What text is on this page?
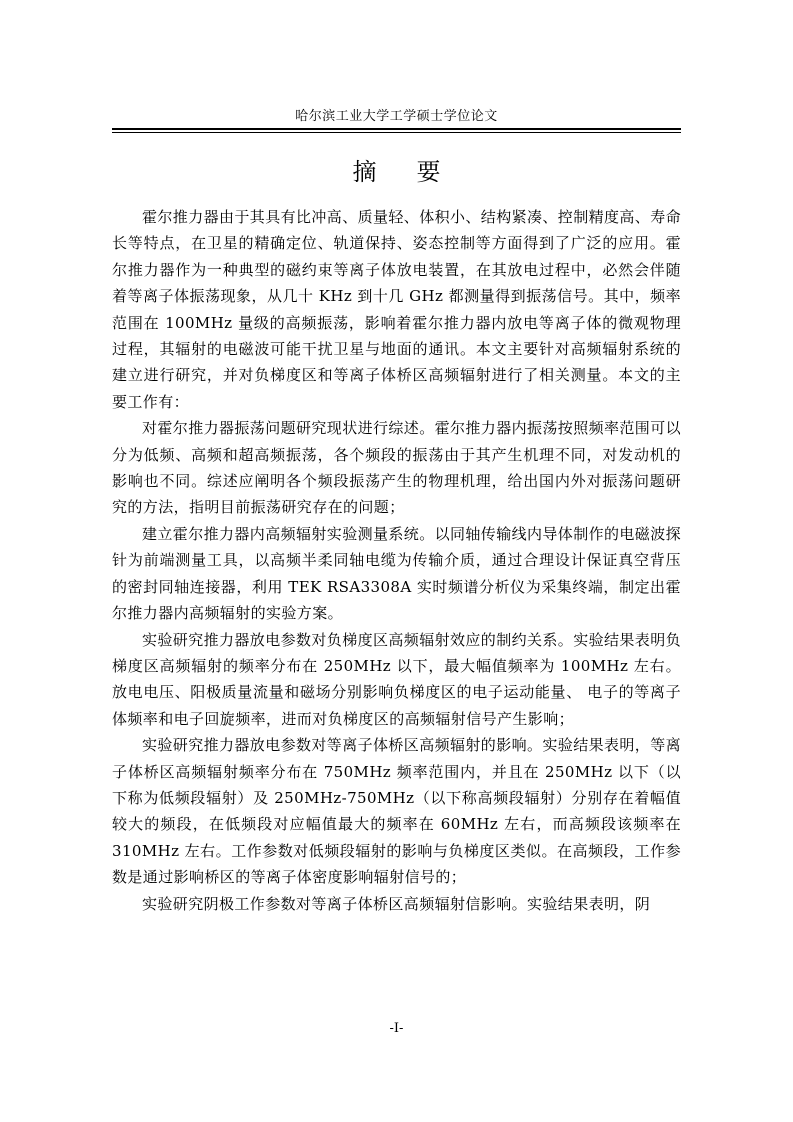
哈尔滨工业大学工学硕士学位论文
摘要

霍尔推力器由于其具有比冲高、质量轻、体积小、结构紧凑、控制精度高、寿命长等特点，在卫星的精确定位、轨道保持、姿态控制等方面得到了广泛的应用。霍尔推力器作为一种典型的磁约束等离子体放电装置，在其放电过程中，必然会伴随着等离子体振荡现象，从几十 KHz 到十几 GHz 都测量得到振荡信号。其中，频率范围在 100MHz 量级的高频振荡，影响着霍尔推力器内放电等离子体的微观物理过程，其辐射的电磁波可能干扰卫星与地面的通讯。本文主要针对高频辐射系统的建立进行研究，并对负梯度区和等离子体桥区高频辐射进行了相关测量。本文的主要工作有：

对霍尔推力器振荡问题研究现状进行综述。霍尔推力器内振荡按照频率范围可以分为低频、高频和超高频振荡，各个频段的振荡由于其产生机理不同，对发动机的影响也不同。综述应阐明各个频段振荡产生的物理机理，给出国内外对振荡问题研究的方法，指明目前振荡研究存在的问题；

建立霍尔推力器内高频辐射实验测量系统。以同轴传输线内导体制作的电磁波探针为前端测量工具，以高频半柔同轴电缆为传输介质，通过合理设计保证真空背压的密封同轴连接器，利用 TEK RSA3308A 实时频谱分析仪为采集终端，制定出霍尔推力器内高频辐射的实验方案。

实验研究推力器放电参数对负梯度区高频辐射效应的制约关系。实验结果表明负梯度区高频辐射的频率分布在 250MHz 以下，最大幅值频率为 100MHz 左右。放电电压、阳极质量流量和磁场分别影响负梯度区的电子运动能量、 电子的等离子体频率和电子回旋频率，进而对负梯度区的高频辐射信号产生影响；

实验研究推力器放电参数对等离子体桥区高频辐射的影响。实验结果表明，等离子体桥区高频辐射频率分布在 750MHz 频率范围内，并且在 250MHz 以下（以下称为低频段辐射）及 250MHz-750MHz（以下称高频段辐射）分别存在着幅值较大的频段，在低频段对应幅值最大的频率在 60MHz 左右，而高频段该频率在 310MHz 左右。工作参数对低频段辐射的影响与负梯度区类似。在高频段，工作参数是通过影响桥区的等离子体密度影响辐射信号的；

实验研究阴极工作参数对等离子体桥区高频辐射信影响。实验结果表明，阴

-I-
